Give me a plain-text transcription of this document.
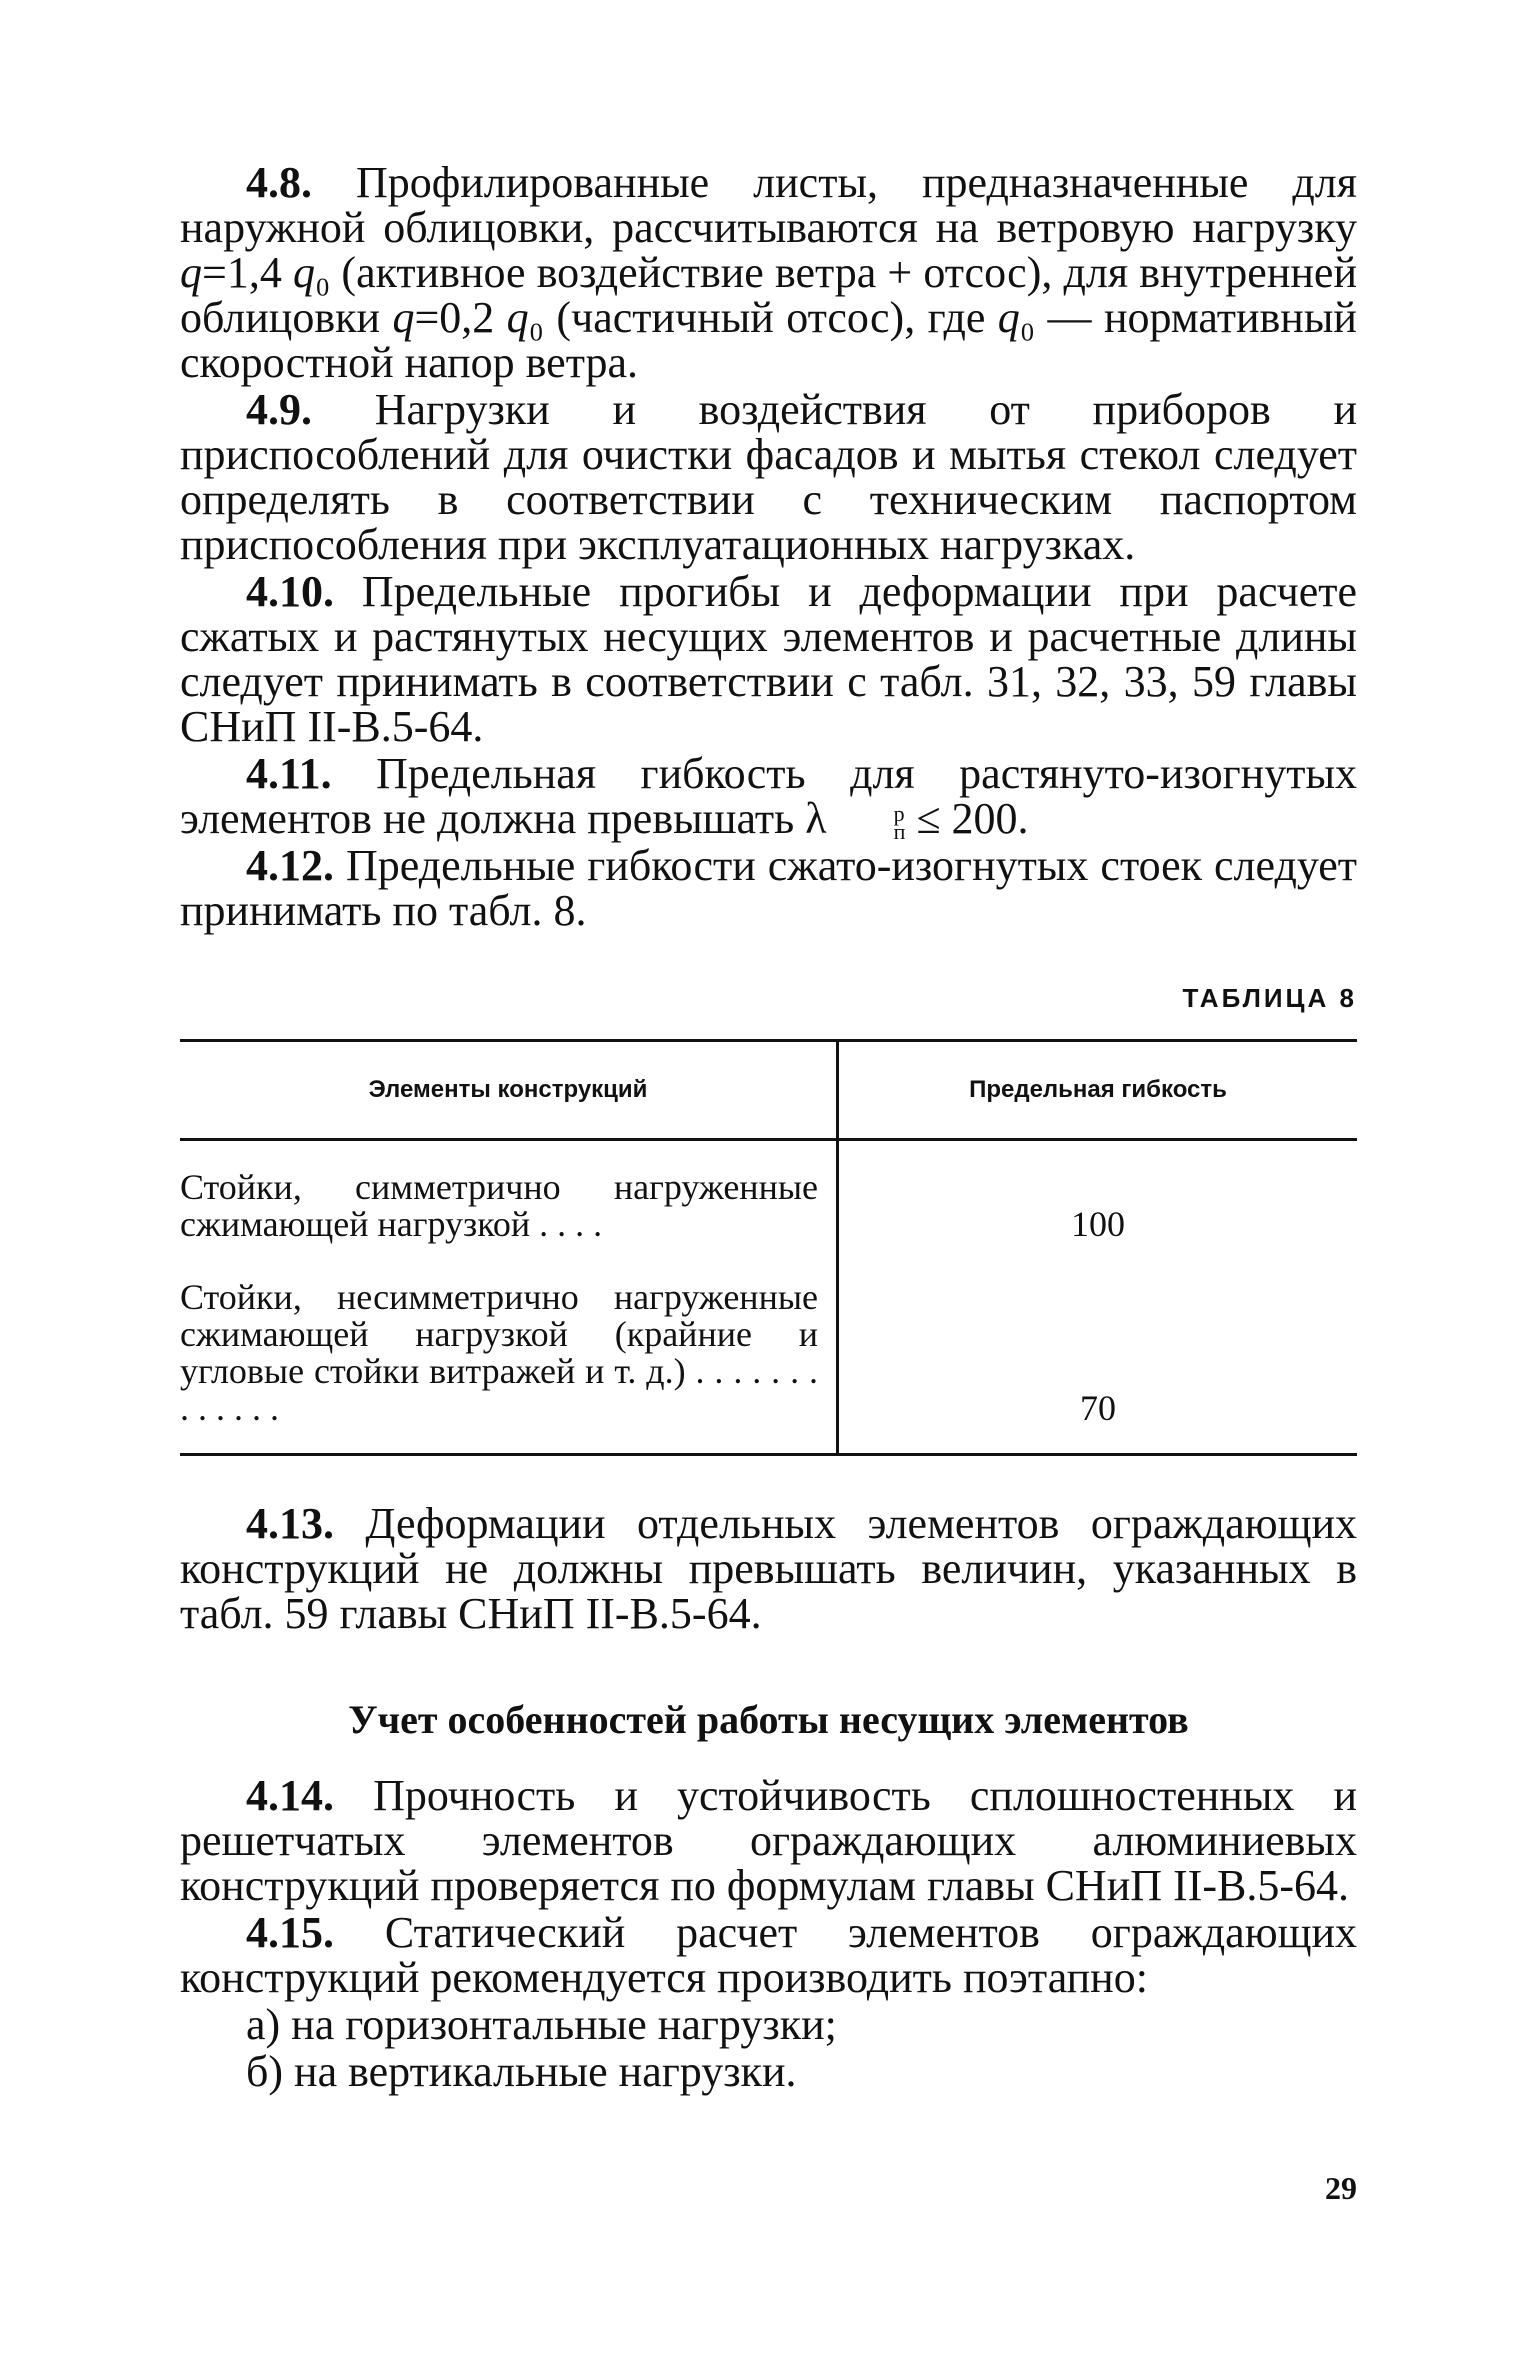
4.8. Профилированные листы, предназначенные для наружной облицовки, рассчитываются на ветровую нагрузку q=1,4 q₀ (активное воздействие ветра + отсос), для внутренней облицовки q=0,2 q₀ (частичный отсос), где q₀ — нормативный скоростной напор ветра.

4.9. Нагрузки и воздействия от приборов и приспособлений для очистки фасадов и мытья стекол следует определять в соответствии с техническим паспортом приспособления при эксплуатационных нагрузках.

4.10. Предельные прогибы и деформации при расчете сжатых и растянутых несущих элементов и расчетные длины следует принимать в соответствии с табл. 31, 32, 33, 59 главы СНиП II-В.5-64.

4.11. Предельная гибкость для растянуто-изогнутых элементов не должна превышать λ	р
п ≤ 200.

4.12. Предельные гибкости сжато-изогнутых стоек следует принимать по табл. 8.

ТАБЛИЦА 8
Элементы конструкций	Предельная гибкость
Стойки, симметрично нагруженные сжимающей нагрузкой . . . .	100
Стойки, несимметрично нагруженные сжимающей нагрузкой (крайние и угловые стойки витражей и т. д.) . . . . . . . . . . . . .	70

4.13. Деформации отдельных элементов ограждающих конструкций не должны превышать величин, указанных в табл. 59 главы СНиП II-В.5-64.

Учет особенностей работы несущих элементов

4.14. Прочность и устойчивость сплошностенных и решетчатых элементов ограждающих алюминиевых конструкций проверяется по формулам главы СНиП II-В.5-64.

4.15. Статический расчет элементов ограждающих конструкций рекомендуется производить поэтапно:

а) на горизонтальные нагрузки;

б) на вертикальные нагрузки.

29
